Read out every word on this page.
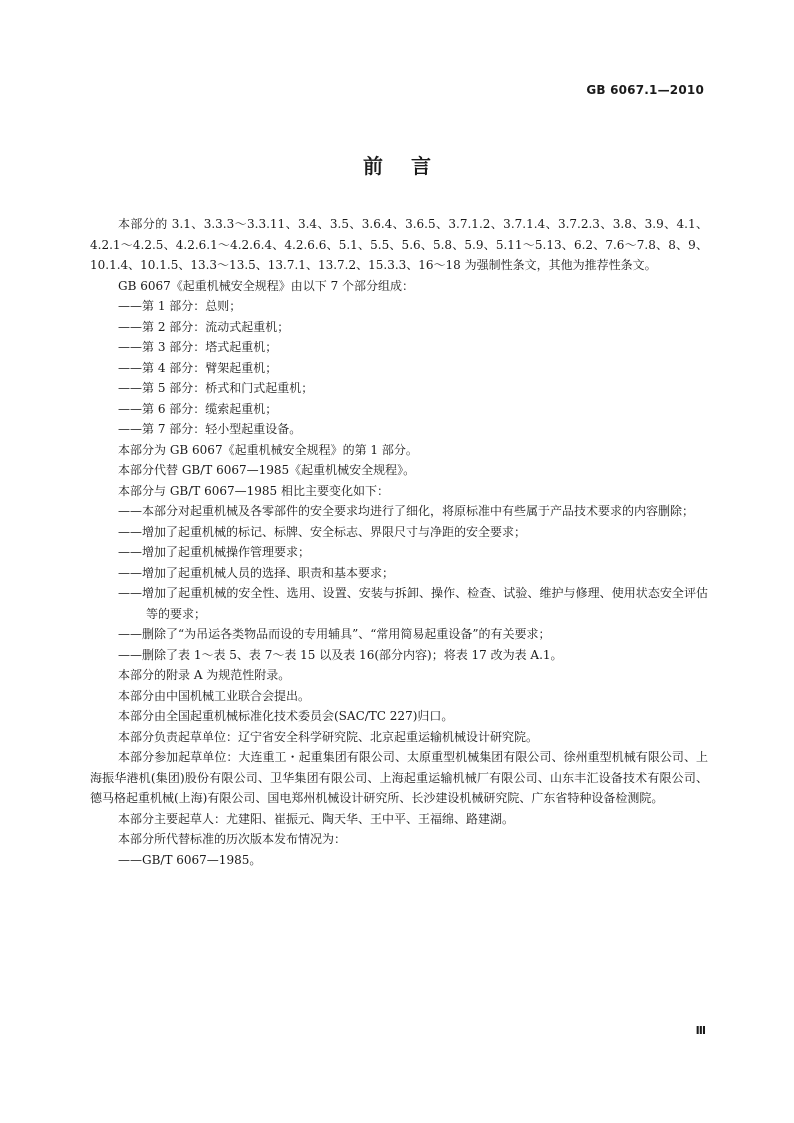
GB 6067.1—2010
前言

本部分的 3.1、3.3.3～3.3.11、3.4、3.5、3.6.4、3.6.5、3.7.1.2、3.7.1.4、3.7.2.3、3.8、3.9、4.1、4.2.1～4.2.5、4.2.6.1～4.2.6.4、4.2.6.6、5.1、5.5、5.6、5.8、5.9、5.11～5.13、6.2、7.6～7.8、8、9、10.1.4、10.1.5、13.3～13.5、13.7.1、13.7.2、15.3.3、16～18 为强制性条文，其他为推荐性条文。

GB 6067《起重机械安全规程》由以下 7 个部分组成：

——第 1 部分：总则；

——第 2 部分：流动式起重机；

——第 3 部分：塔式起重机；

——第 4 部分：臂架起重机；

——第 5 部分：桥式和门式起重机；

——第 6 部分：缆索起重机；

——第 7 部分：轻小型起重设备。

本部分为 GB 6067《起重机械安全规程》的第 1 部分。

本部分代替 GB/T 6067—1985《起重机械安全规程》。

本部分与 GB/T 6067—1985 相比主要变化如下：

——本部分对起重机械及各零部件的安全要求均进行了细化，将原标准中有些属于产品技术要求的内容删除；

——增加了起重机械的标记、标牌、安全标志、界限尺寸与净距的安全要求；

——增加了起重机械操作管理要求；

——增加了起重机械人员的选择、职责和基本要求；

——增加了起重机械的安全性、选用、设置、安装与拆卸、操作、检查、试验、维护与修理、使用状态安全评估等的要求；

——删除了“为吊运各类物品而设的专用辅具”、“常用简易起重设备”的有关要求；

——删除了表 1～表 5、表 7～表 15 以及表 16(部分内容)；将表 17 改为表 A.1。

本部分的附录 A 为规范性附录。

本部分由中国机械工业联合会提出。

本部分由全国起重机械标准化技术委员会(SAC/TC 227)归口。

本部分负责起草单位：辽宁省安全科学研究院、北京起重运输机械设计研究院。

本部分参加起草单位：大连重工・起重集团有限公司、太原重型机械集团有限公司、徐州重型机械有限公司、上海振华港机(集团)股份有限公司、卫华集团有限公司、上海起重运输机械厂有限公司、山东丰汇设备技术有限公司、德马格起重机械(上海)有限公司、国电郑州机械设计研究所、长沙建设机械研究院、广东省特种设备检测院。

本部分主要起草人：尤建阳、崔振元、陶天华、王中平、王福绵、路建湖。

本部分所代替标准的历次版本发布情况为：

——GB/T 6067—1985。

Ⅲ
